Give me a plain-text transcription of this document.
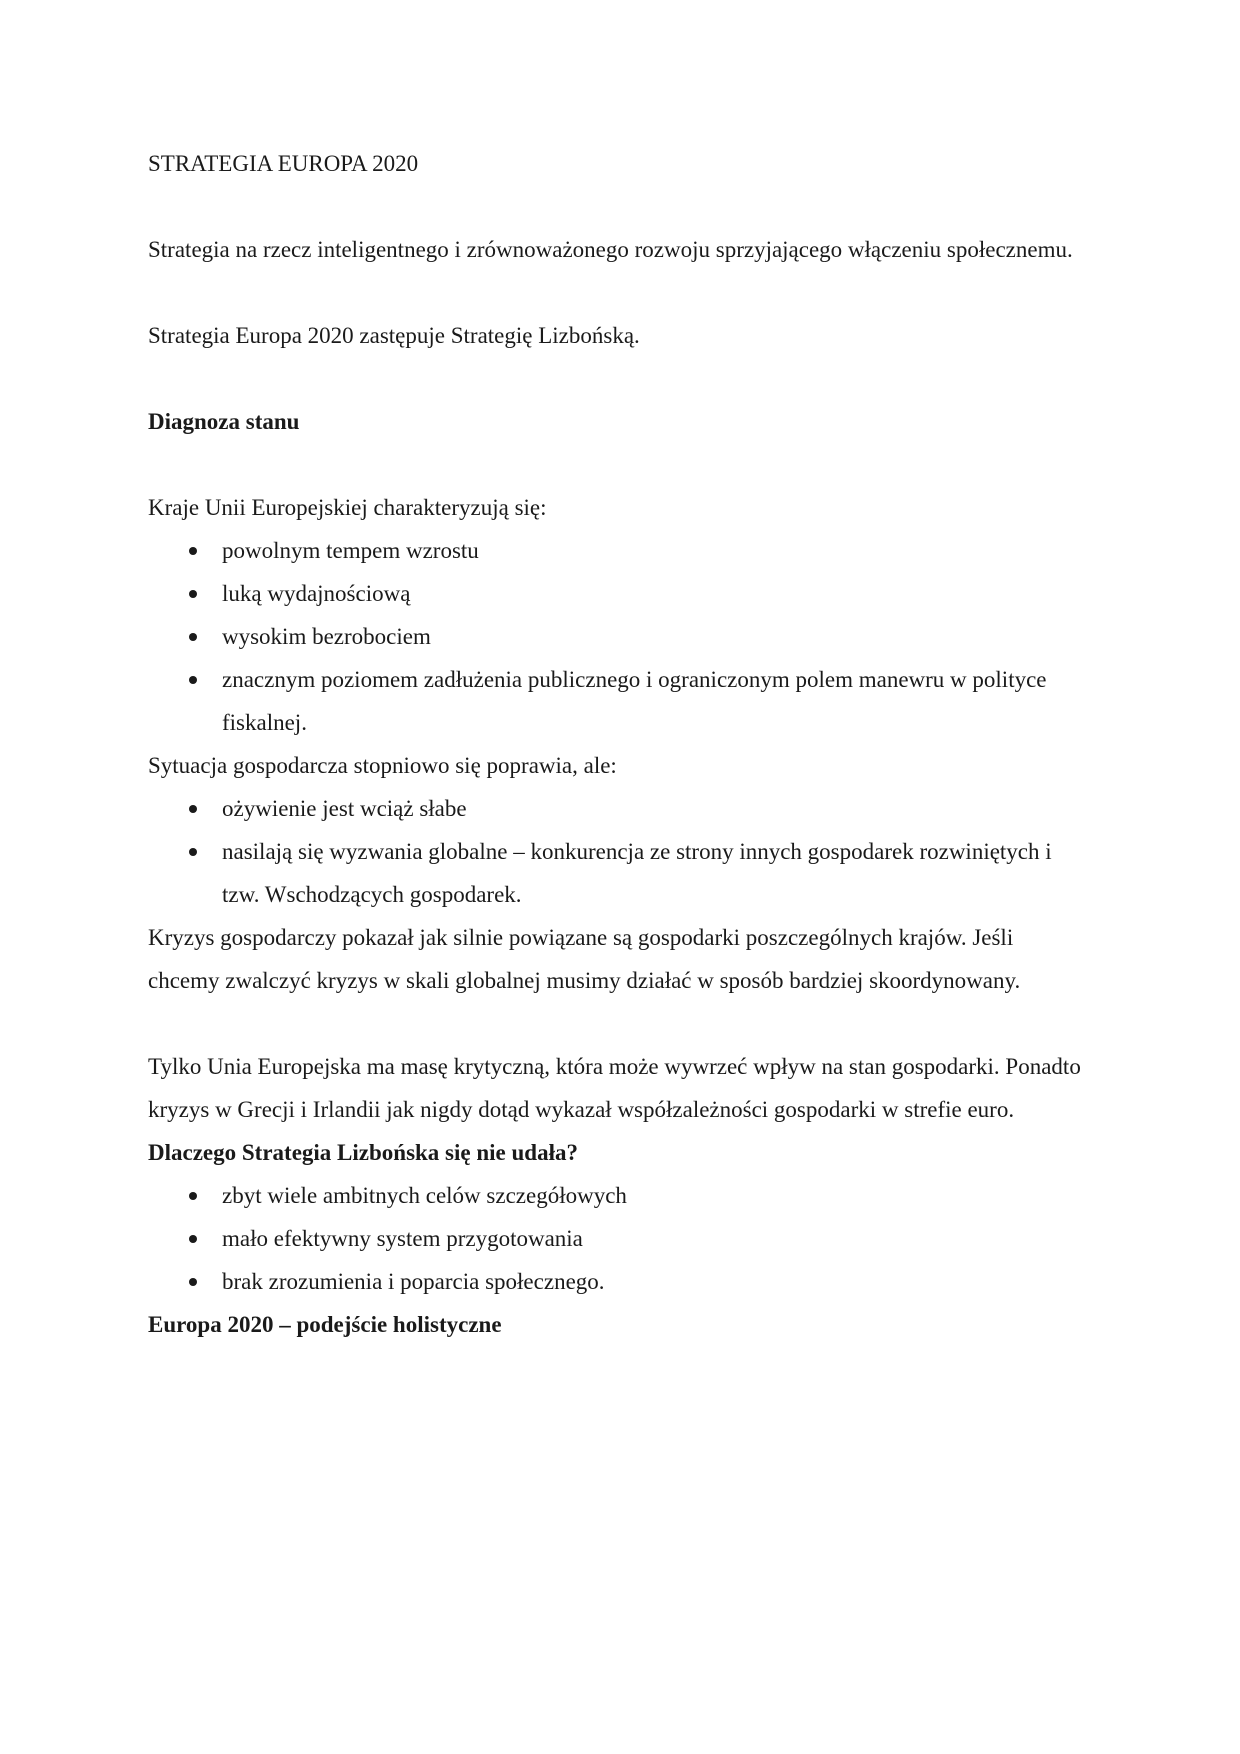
STRATEGIA EUROPA 2020

Strategia na rzecz inteligentnego i zrównoważonego rozwoju sprzyjającego włączeniu społecznemu.

Strategia Europa 2020 zastępuje Strategię Lizbońską.

Diagnoza stanu

Kraje Unii Europejskiej charakteryzują się:

powolnym tempem wzrostu
luką wydajnościową
wysokim bezrobociem
znacznym poziomem zadłużenia publicznego i ograniczonym polem manewru w polityce fiskalnej.

Sytuacja gospodarcza stopniowo się poprawia, ale:

ożywienie jest wciąż słabe
nasilają się wyzwania globalne – konkurencja ze strony innych gospodarek rozwiniętych i tzw. Wschodzących gospodarek.

Kryzys gospodarczy pokazał jak silnie powiązane są gospodarki poszczególnych krajów. Jeśli chcemy zwalczyć kryzys w skali globalnej musimy działać w sposób bardziej skoordynowany.

Tylko Unia Europejska ma masę krytyczną, która może wywrzeć wpływ na stan gospodarki. Ponadto kryzys w Grecji i Irlandii jak nigdy dotąd wykazał współzależności gospodarki w strefie euro.

Dlaczego Strategia Lizbońska się nie udała?

zbyt wiele ambitnych celów szczegółowych
mało efektywny system przygotowania
brak zrozumienia i poparcia społecznego.

Europa 2020 – podejście holistyczne
